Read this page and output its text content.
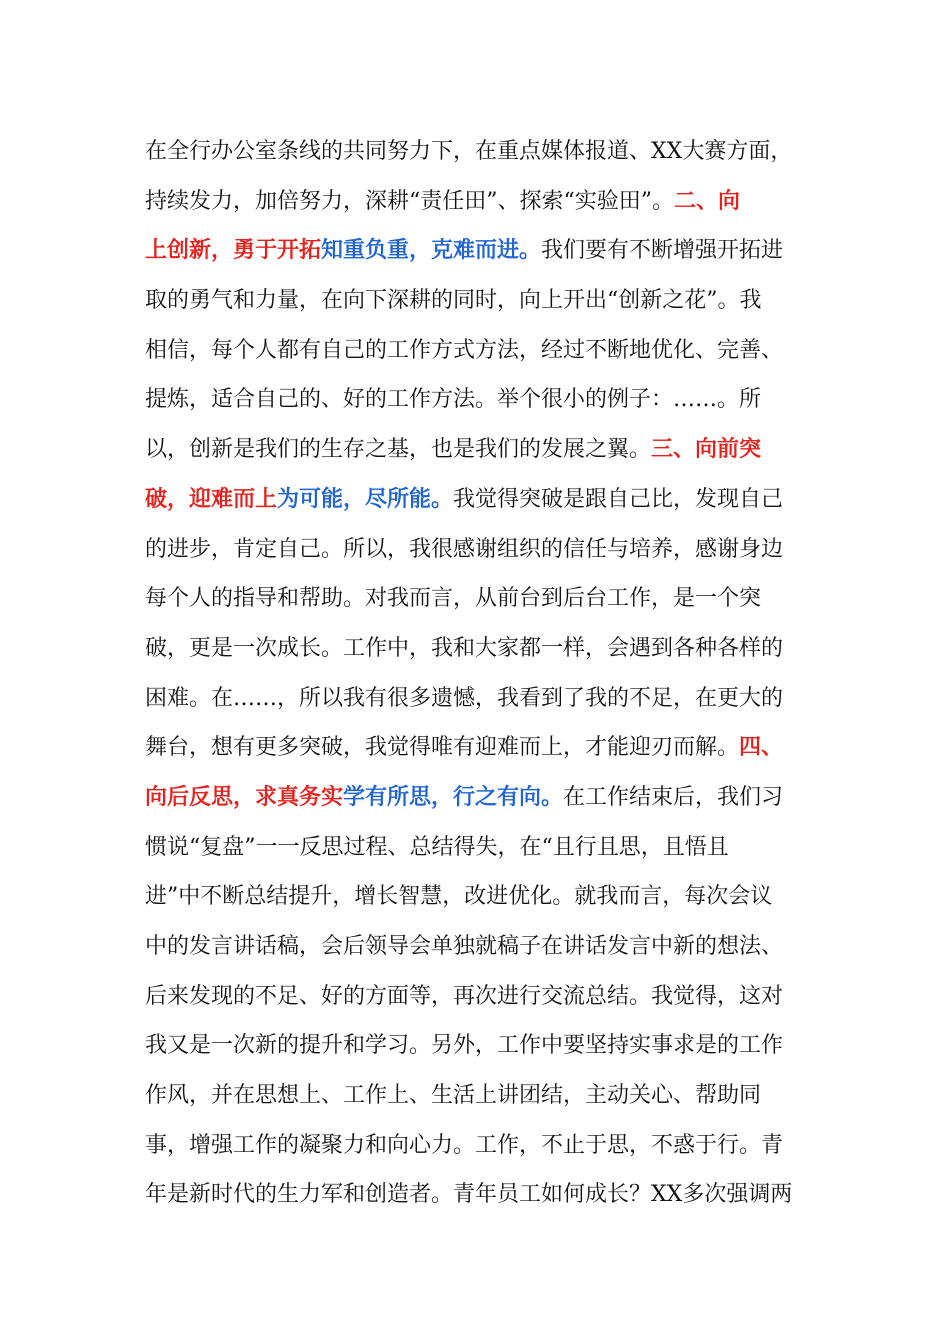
在全行办公室条线的共同努力下，在重点媒体报道、XX大赛方面，
持续发力，加倍努力，深耕“责任田”、探索“实验田”。二、向
上创新，勇于开拓知重负重，克难而进。我们要有不断增强开拓进
取的勇气和力量，在向下深耕的同时，向上开出“创新之花”。我
相信，每个人都有自己的工作方式方法，经过不断地优化、完善、
提炼，适合自己的、好的工作方法。举个很小的例子：……。所
以，创新是我们的生存之基，也是我们的发展之翼。三、向前突
破，迎难而上为可能，尽所能。我觉得突破是跟自己比，发现自己
的进步，肯定自己。所以，我很感谢组织的信任与培养，感谢身边
每个人的指导和帮助。对我而言，从前台到后台工作，是一个突
破，更是一次成长。工作中，我和大家都一样，会遇到各种各样的
困难。在……，所以我有很多遗憾，我看到了我的不足，在更大的
舞台，想有更多突破，我觉得唯有迎难而上，才能迎刃而解。四、
向后反思，求真务实学有所思，行之有向。在工作结束后，我们习
惯说“复盘”一一反思过程、总结得失，在“且行且思，且悟且
进”中不断总结提升，增长智慧，改进优化。就我而言，每次会议
中的发言讲话稿，会后领导会单独就稿子在讲话发言中新的想法、
后来发现的不足、好的方面等，再次进行交流总结。我觉得，这对
我又是一次新的提升和学习。另外，工作中要坚持实事求是的工作
作风，并在思想上、工作上、生活上讲团结，主动关心、帮助同
事，增强工作的凝聚力和向心力。工作，不止于思，不惑于行。青
年是新时代的生力军和创造者。青年员工如何成长？XX多次强调两
